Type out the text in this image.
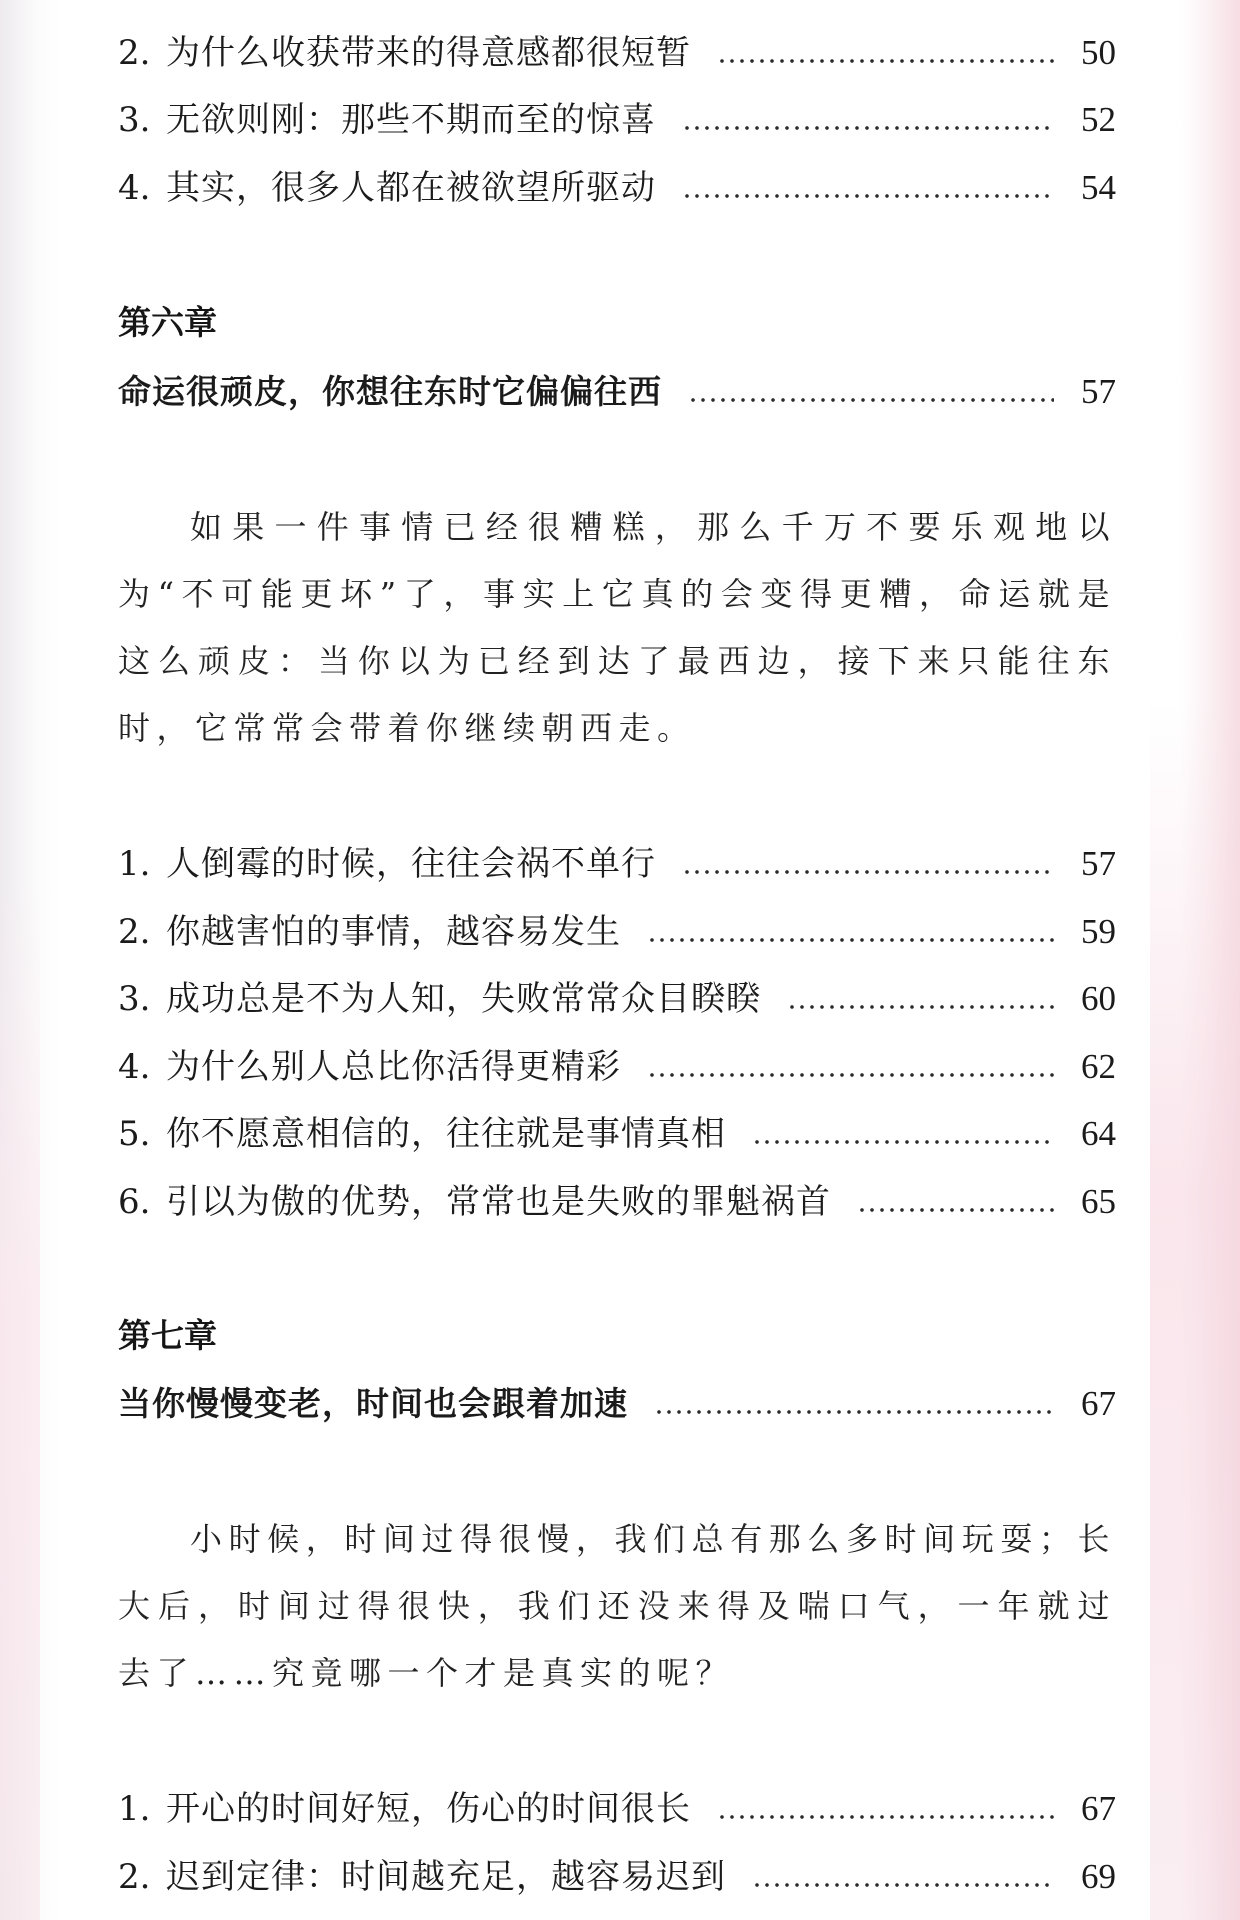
2. 为什么收获带来的得意感都很短暂	50
3. 无欲则刚：那些不期而至的惊喜	52
4. 其实，很多人都在被欲望所驱动	54
第六章
命运很顽皮，你想往东时它偏偏往西	57

如果一件事情已经很糟糕，那么千万不要乐观地以为“不可能更坏”了，事实上它真的会变得更糟，命运就是这么顽皮：当你以为已经到达了最西边，接下来只能往东时，它常常会带着你继续朝西走。

1. 人倒霉的时候，往往会祸不单行	57
2. 你越害怕的事情，越容易发生	59
3. 成功总是不为人知，失败常常众目睽睽	60
4. 为什么别人总比你活得更精彩	62
5. 你不愿意相信的，往往就是事情真相	64
6. 引以为傲的优势，常常也是失败的罪魁祸首	65
第七章
当你慢慢变老，时间也会跟着加速	67

小时候，时间过得很慢，我们总有那么多时间玩耍；长大后，时间过得很快，我们还没来得及喘口气，一年就过去了……究竟哪一个才是真实的呢？

1. 开心的时间好短，伤心的时间很长	67
2. 迟到定律：时间越充足，越容易迟到	69
